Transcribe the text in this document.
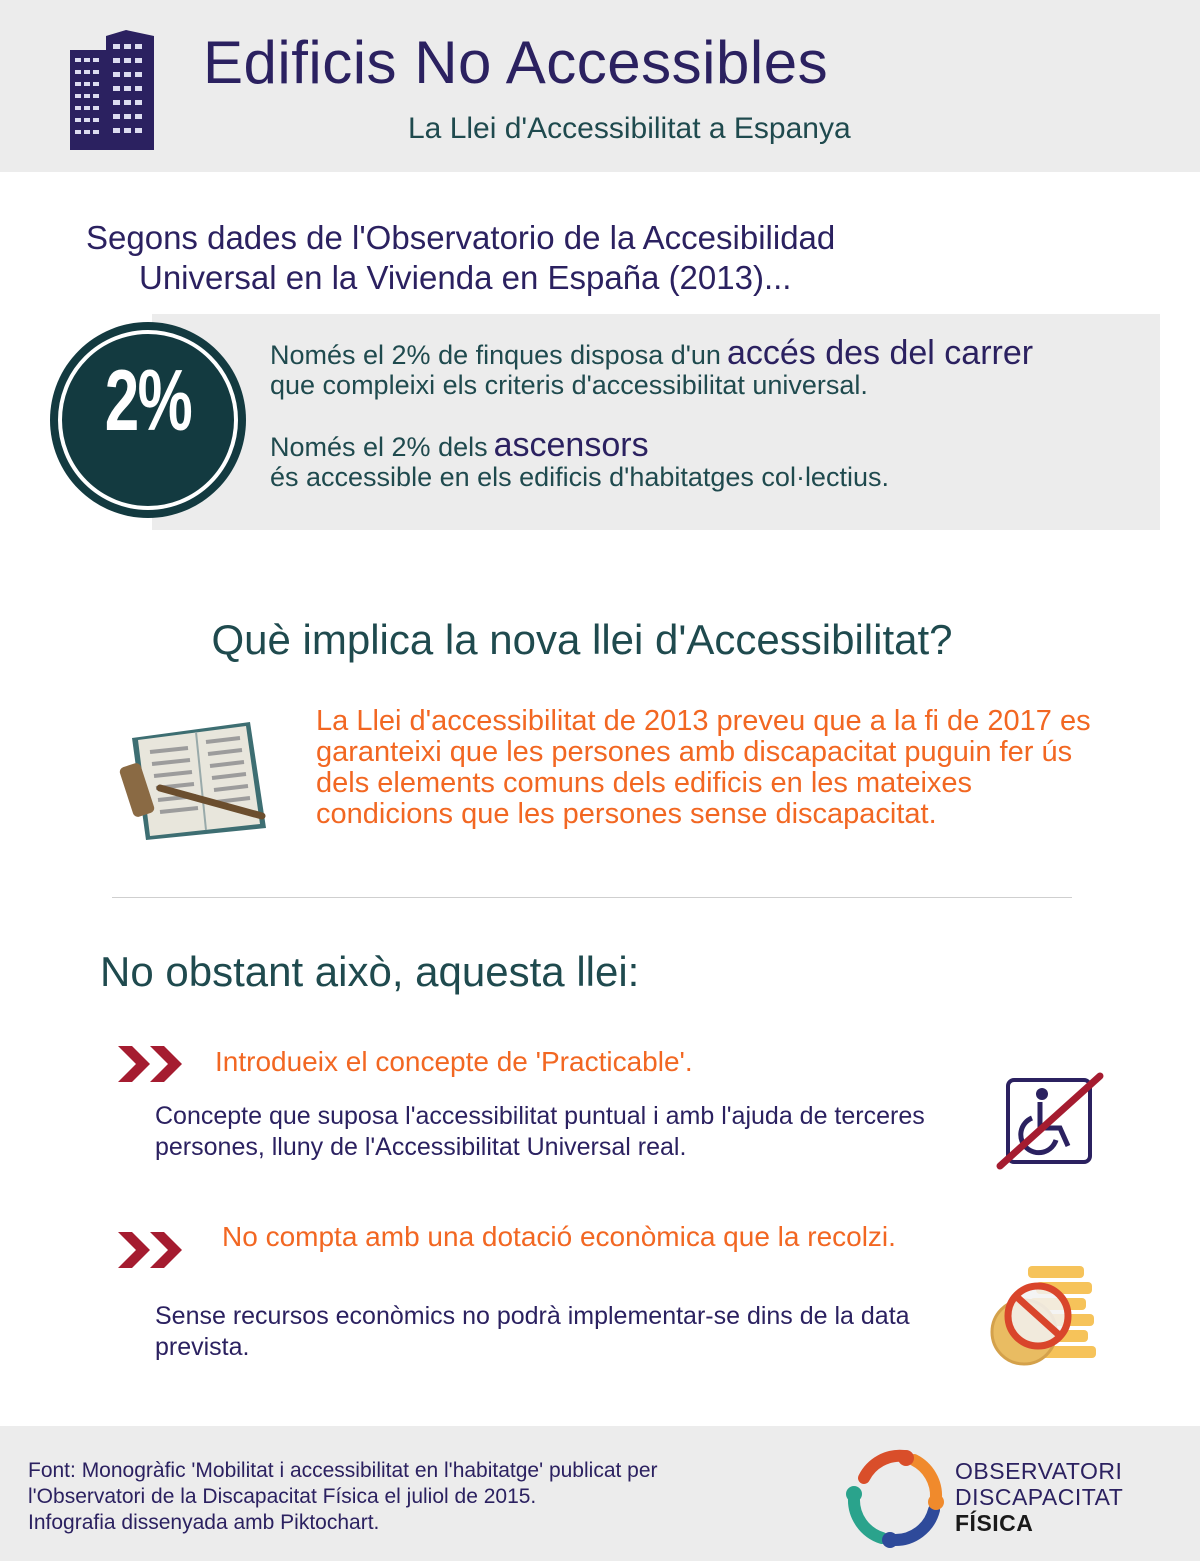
Edificis No Accessibles
La Llei d'Accessibilitat a Espanya
Segons dades de l'Observatorio de la Accesibilidad
Universal en la Vivienda en España (2013)...
2%	Només el 2% de finques disposa d'un accés des del carrer
que compleixi els criteris d'accessibilitat universal.
Només el 2% dels ascensors
és accessible en els edificis d'habitatges col·lectius.
Què implica la nova llei d'Accessibilitat?
La Llei d'accessibilitat de 2013 preveu que a la fi de 2017 es garanteixi que les persones amb discapacitat puguin fer ús dels elements comuns dels edificis en les mateixes condicions que les persones sense discapacitat.
No obstant això, aquesta llei:
Introdueix el concepte de 'Practicable'.
Concepte que suposa l'accessibilitat puntual i amb l'ajuda de terceres persones, lluny de l'Accessibilitat Universal real.
No compta amb una dotació econòmica que la recolzi.
Sense recursos econòmics no podrà implementar-se dins de la data prevista.
Font: Monogràfic 'Mobilitat i accessibilitat en l'habitatge' publicat per
l'Observatori de la Discapacitat Física el juliol de 2015.
Infografia dissenyada amb Piktochart.
OBSERVATORI
DISCAPACITAT
FÍSICA
